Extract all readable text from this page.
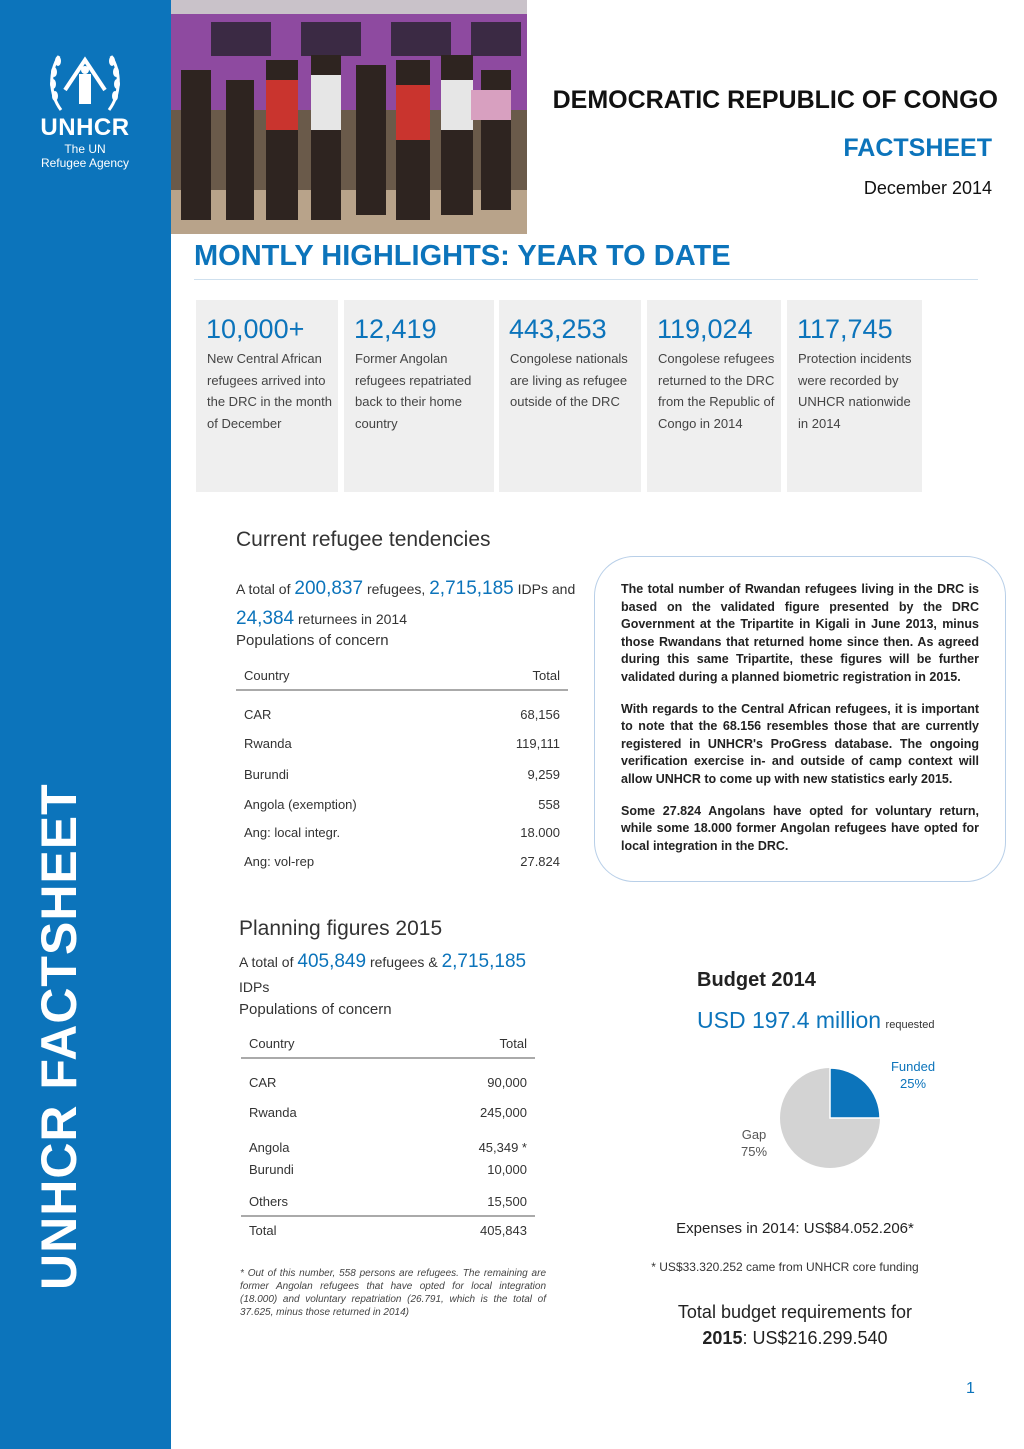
UNHCR
The UN
Refugee Agency
UNHCR FACTSHEET
DEMOCRATIC REPUBLIC OF CONGO
FACTSHEET
December 2014
MONTLY HIGHLIGHTS: YEAR TO DATE
10,000+
New Central African refugees arrived into the DRC in the month of December
12,419
Former Angolan refugees repatriated back to their home country
443,253
Congolese nationals are living as refugee outside of the DRC
119,024
Congolese refugees returned to the DRC from the Republic of Congo in 2014
117,745
Protection incidents were recorded by UNHCR nationwide in 2014
Current refugee tendencies
A total of 200,837 refugees, 2,715,185 IDPs and
24,384 returnees in 2014
Populations of concern
Country	Total
CAR	68,156
Rwanda	119,111
Burundi	9,259
Angola (exemption)	558
Ang: local integr.	18.000
Ang: vol-rep	27.824

The total number of Rwandan refugees living in the DRC is based on the validated figure presented by the DRC Government at the Tripartite in Kigali in June 2013, minus those Rwandans that returned home since then. As agreed during this same Tripartite, these figures will be further validated during a planned biometric registration in 2015.

With regards to the Central African refugees, it is important to note that the 68.156 resembles those that are currently registered in UNHCR's ProGress database. The ongoing verification exercise in- and outside of camp context will allow UNHCR to come up with new statistics early 2015.

Some 27.824 Angolans have opted for voluntary return, while some 18.000 former Angolan refugees have opted for local integration in the DRC.

Planning figures 2015
A total of 405,849 refugees & 2,715,185
IDPs
Populations of concern
Country	Total
CAR	90,000
Rwanda	245,000
Angola	45,349 *
Burundi	10,000
Others	15,500
Total	405,843
* Out of this number, 558 persons are refugees. The remaining are former Angolan refugees that have opted for local integration (18.000) and voluntary repatriation (26.791, which is the total of 37.625, minus those returned in 2014)
Budget 2014
USD 197.4 million requested
Funded
25%
Gap
75%
Expenses in 2014: US$84.052.206*
* US$33.320.252 came from UNHCR core funding
Total budget requirements for
2015: US$216.299.540
1
